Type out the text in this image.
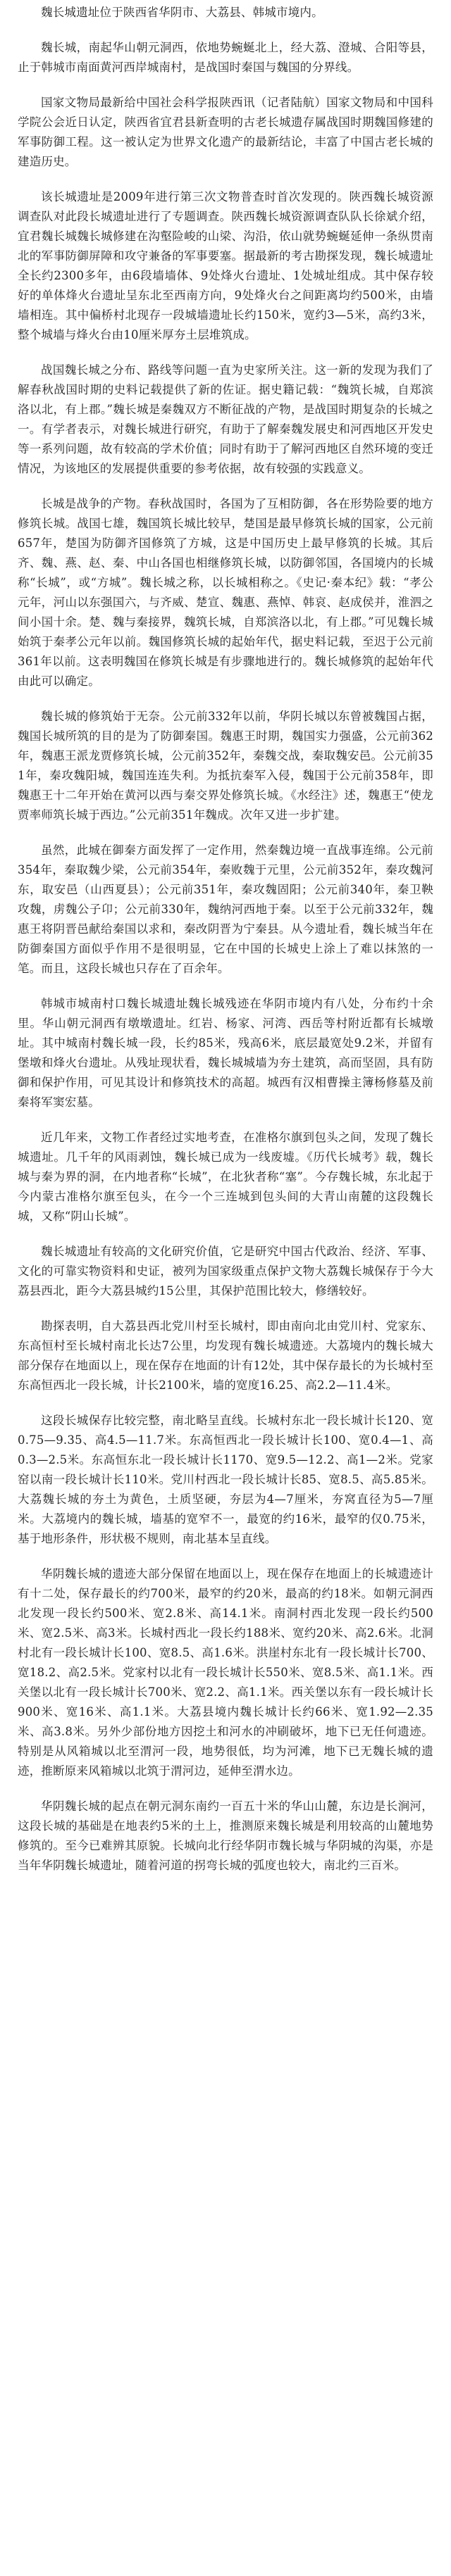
魏长城遗址位于陕西省华阴市、大荔县、韩城市境内。

魏长城，南起华山朝元洞西，依地势蜿蜒北上，经大荔、澄城、合阳等县，止于韩城市南面黄河西岸城南村，是战国时秦国与魏国的分界线。

国家文物局最新给中国社会科学报陕西讯（记者陆航）国家文物局和中国科学院公会近日认定，陕西省宜君县新查明的古老长城遗存属战国时期魏国修建的军事防御工程。这一被认定为世界文化遗产的最新结论，丰富了中国古老长城的建造历史。

该长城遗址是2009年进行第三次文物普查时首次发现的。陕西魏长城资源调查队对此段长城遗址进行了专题调查。陕西魏长城资源调查队队长徐斌介绍，宜君魏长城魏长城修建在沟壑险峻的山梁、沟沿，依山就势蜿蜒延伸一条纵贯南北的军事防御屏障和攻守兼备的军事要塞。据最新的考古勘探发现，魏长城遗址全长约2300多年，由6段墙墙体、9处烽火台遗址、1处城址组成。其中保存较好的单体烽火台遗址呈东北至西南方向，9处烽火台之间距离均约500米，由墙墙相连。其中偏桥村北现存一段城墙遗址长约150米，宽约3—5米，高约3米，整个城墙与烽火台由10厘米厚夯土层堆筑成。

战国魏长城之分布、路线等问题一直为史家所关注。这一新的发现为我们了解春秋战国时期的史料记载提供了新的佐证。据史籍记载：“魏筑长城，自郑滨洛以北，有上郡。”魏长城是秦魏双方不断征战的产物，是战国时期复杂的长城之一。有学者表示，对魏长城进行研究，有助于了解秦魏发展史和河西地区开发史等一系列问题，故有较高的学术价值；同时有助于了解河西地区自然环境的变迁情况，为该地区的发展提供重要的参考依据，故有较强的实践意义。

长城是战争的产物。春秋战国时，各国为了互相防御，各在形势险要的地方修筑长城。战国七雄，魏国筑长城比较早，楚国是最早修筑长城的国家，公元前657年，楚国为防御齐国修筑了方城，这是中国历史上最早修筑的长城。其后齐、魏、燕、赵、秦、中山各国也相继修筑长城，以防御邻国，各国境内的长城称“长城”，或“方城”。魏长城之称，以长城相称之。《史记·秦本纪》载：“孝公元年，河山以东强国六，与齐威、楚宣、魏惠、燕悼、韩哀、赵成侯并，淮泗之间小国十余。楚、魏与秦接界，魏筑长城，自郑滨洛以北，有上郡。”可见魏长城始筑于秦孝公元年以前。魏国修筑长城的起始年代，据史料记载，至迟于公元前361年以前。这表明魏国在修筑长城是有步骤地进行的。魏长城修筑的起始年代由此可以确定。

魏长城的修筑始于无奈。公元前332年以前，华阴长城以东曾被魏国占据，魏国长城所筑的目的是为了防御秦国。魏惠王时期，魏国实力强盛，公元前362年，魏惠王派龙贾修筑长城，公元前352年，秦魏交战，秦取魏安邑。公元前351年，秦攻魏阳城，魏国连连失利。为抵抗秦军入侵，魏国于公元前358年，即魏惠王十二年开始在黄河以西与秦交界处修筑长城。《水经注》述，魏惠王“使龙贾率师筑长城于西边。”公元前351年魏成。次年又进一步扩建。

虽然，此城在御秦方面发挥了一定作用，然秦魏边境一直战事连绵。公元前354年，秦取魏少梁，公元前354年，秦败魏于元里，公元前352年，秦攻魏河东，取安邑（山西夏县）；公元前351年，秦攻魏固阳；公元前340年，秦卫鞅攻魏，虏魏公子卬；公元前330年，魏纳河西地于秦。以至于公元前332年，魏惠王将阴晋邑献给秦国以求和，秦改阴晋为宁秦县。从今遗址看，魏长城当年在防御秦国方面似乎作用不是很明显，它在中国的长城史上涂上了难以抹煞的一笔。而且，这段长城也只存在了百余年。

韩城市城南村口魏长城遗址魏长城残迹在华阴市境内有八处，分布约十余里。华山朝元洞西有墩墩遗址。红岩、杨家、河湾、西岳等村附近都有长城墩址。其中城南村魏长城一段，长约85米，残高6米，底层最宽处9.2米，并留有堡墩和烽火台遗址。从残址现状看，魏长城城墙为夯土建筑，高而坚固，具有防御和保护作用，可见其设计和修筑技术的高超。城西有汉相曹操主簿杨修墓及前秦将军窦宏墓。

近几年来，文物工作者经过实地考查，在准格尔旗到包头之间，发现了魏长城遗址。几千年的风雨剥蚀，魏长城已成为一线废墟。《历代长城考》载，魏长城与秦为界的洞，在内地者称“长城”，在北狄者称“塞”。今存魏长城，东北起于今内蒙古准格尔旗至包头，在今一个三连城到包头间的大青山南麓的这段魏长城，又称“阴山长城”。

魏长城遗址有较高的文化研究价值，它是研究中国古代政治、经济、军事、文化的可靠实物资料和史证，被列为国家级重点保护文物大荔魏长城保存于今大荔县西北，距今大荔县城约15公里，其保护范围比较大，修缮较好。

勘探表明，自大荔县西北党川村至长城村，即由南向北由党川村、党家东、东高恒村至长城村南北长达7公里，均发现有魏长城遗迹。大荔境内的魏长城大部分保存在地面以上，现在保存在地面的计有12处，其中保存最长的为长城村至东高恒西北一段长城，计长2100米，墙的宽度16.25、高2.2—11.4米。

这段长城保存比较完整，南北略呈直线。长城村东北一段长城计长120、宽0.75—9.35、高4.5—11.7米。东高恒西北一段长城计长100、宽0.4—1、高0.3—2.5米。东高恒东北一段长城计长1170、宽9.5—12.2、高1—2米。党家窑以南一段长城计长110米。党川村西北一段长城计长85、宽8.5、高5.85米。大荔魏长城的夯土为黄色，土质坚硬，夯层为4—7厘米，夯窝直径为5—7厘米。大荔境内的魏长城，墙基的宽窄不一，最宽的约16米，最窄的仅0.75米，基于地形条件，形状极不规则，南北基本呈直线。

华阴魏长城的遗迹大部分保留在地面以上，现在保存在地面上的长城遗迹计有十二处，保存最长的约700米，最窄的约20米，最高的约18米。如朝元洞西北发现一段长约500米、宽2.8米、高14.1米。南洞村西北发现一段长约500米、宽2.5米、高3米。长城村西北一段长约188米、宽约20米、高2.6米。北洞村北有一段长城计长100、宽8.5、高1.6米。洪崖村东北有一段长城计长700、宽18.2、高2.5米。党家村以北有一段长城计长550米、宽8.5米、高1.1米。西关堡以北有一段长城计长700米、宽2.2、高1.1米。西关堡以东有一段长城计长900米、宽16米、高1.1米。大荔县境内魏长城计长约66米、宽1.92—2.35米、高3.8米。另外少部份地方因挖土和河水的冲刷破坏，地下已无任何遗迹。特别是从风箱城以北至渭河一段，地势很低，均为河滩，地下已无魏长城的遗迹，推断原来风箱城以北筑于渭河边，延伸至渭水边。

华阴魏长城的起点在朝元洞东南约一百五十米的华山山麓，东边是长涧河，这段长城的基础是在地表约5米的土上，推测原来魏长城是利用较高的山麓地势修筑的。至今已难辨其原貌。长城向北行经华阴市魏长城与华阴城的沟渠，亦是当年华阴魏长城遗址，随着河道的拐弯长城的弧度也较大，南北约三百米。
